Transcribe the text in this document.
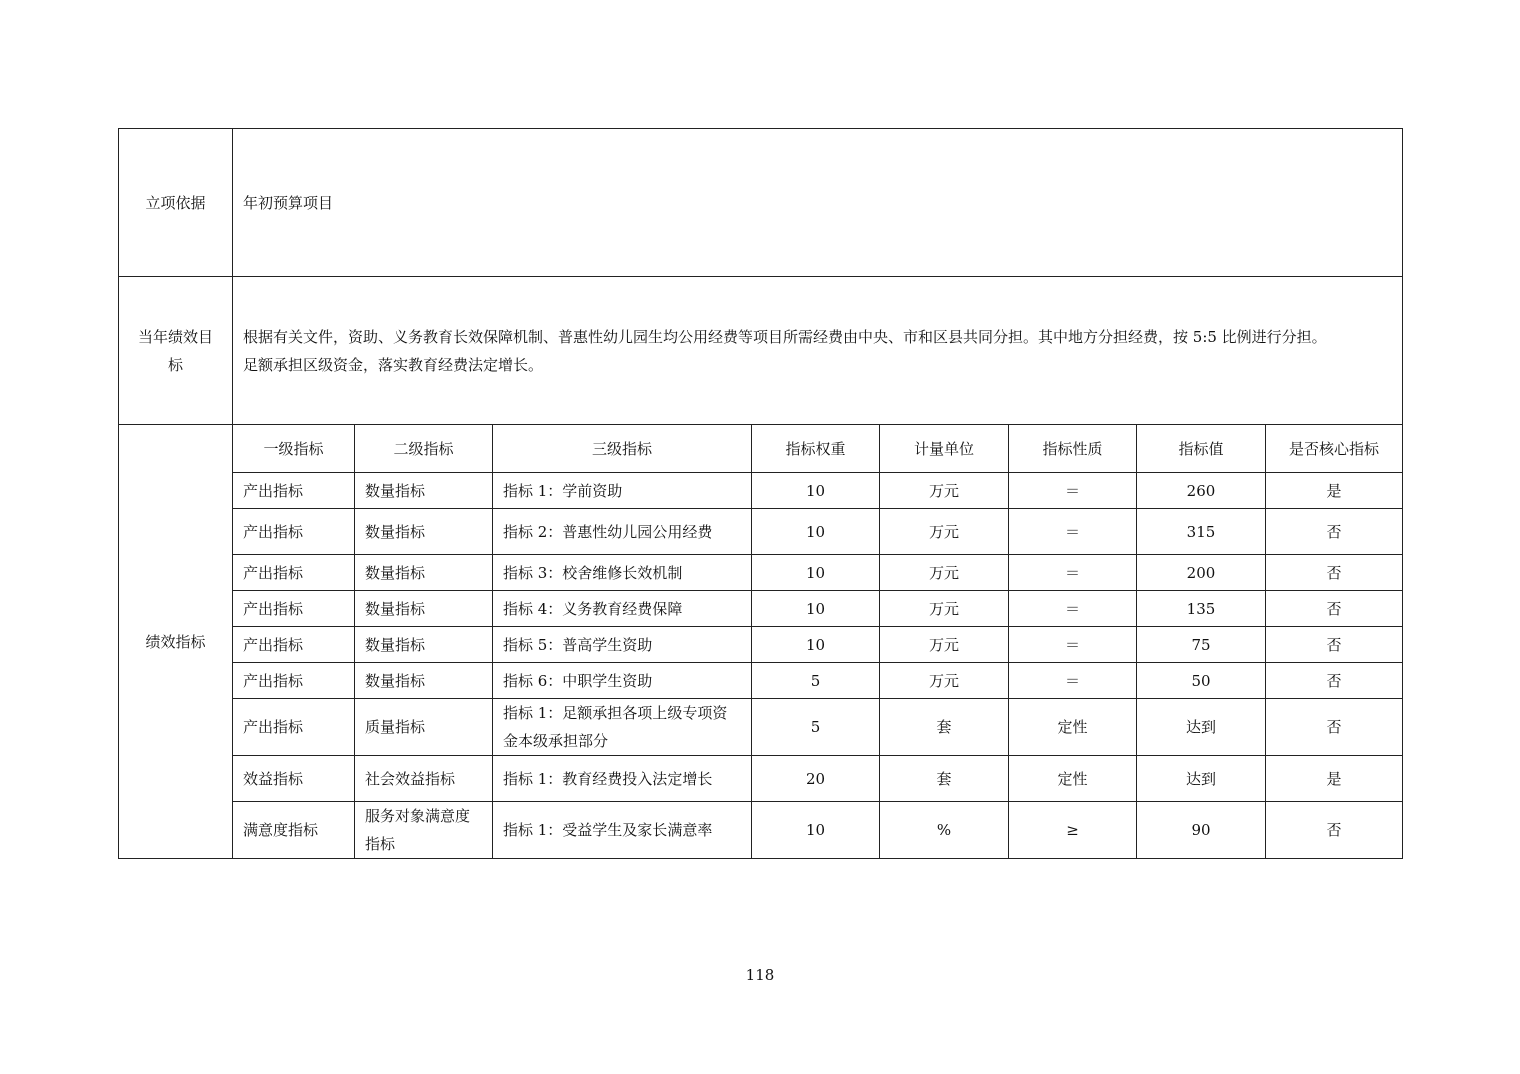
立项依据	年初预算项目							
当年绩效目
标	根据有关文件，资助、义务教育长效保障机制、普惠性幼儿园生均公用经费等项目所需经费由中央、市和区县共同分担。其中地方分担经费，按 5:5 比例进行分担。
足额承担区级资金，落实教育经费法定增长。							
绩效指标	一级指标	二级指标	三级指标	指标权重	计量单位	指标性质	指标值	是否核心指标
	产出指标	数量指标	指标 1：学前资助	10	万元	＝	260	是
	产出指标	数量指标	指标 2：普惠性幼儿园公用经费	10	万元	＝	315	否
	产出指标	数量指标	指标 3：校舍维修长效机制	10	万元	＝	200	否
	产出指标	数量指标	指标 4：义务教育经费保障	10	万元	＝	135	否
	产出指标	数量指标	指标 5：普高学生资助	10	万元	＝	75	否
	产出指标	数量指标	指标 6：中职学生资助	5	万元	＝	50	否
	产出指标	质量指标	指标 1：足额承担各项上级专项资金本级承担部分	5	套	定性	达到	否
	效益指标	社会效益指标	指标 1：教育经费投入法定增长	20	套	定性	达到	是
	满意度指标	服务对象满意度指标	指标 1：受益学生及家长满意率	10	%	≥	90	否
118
